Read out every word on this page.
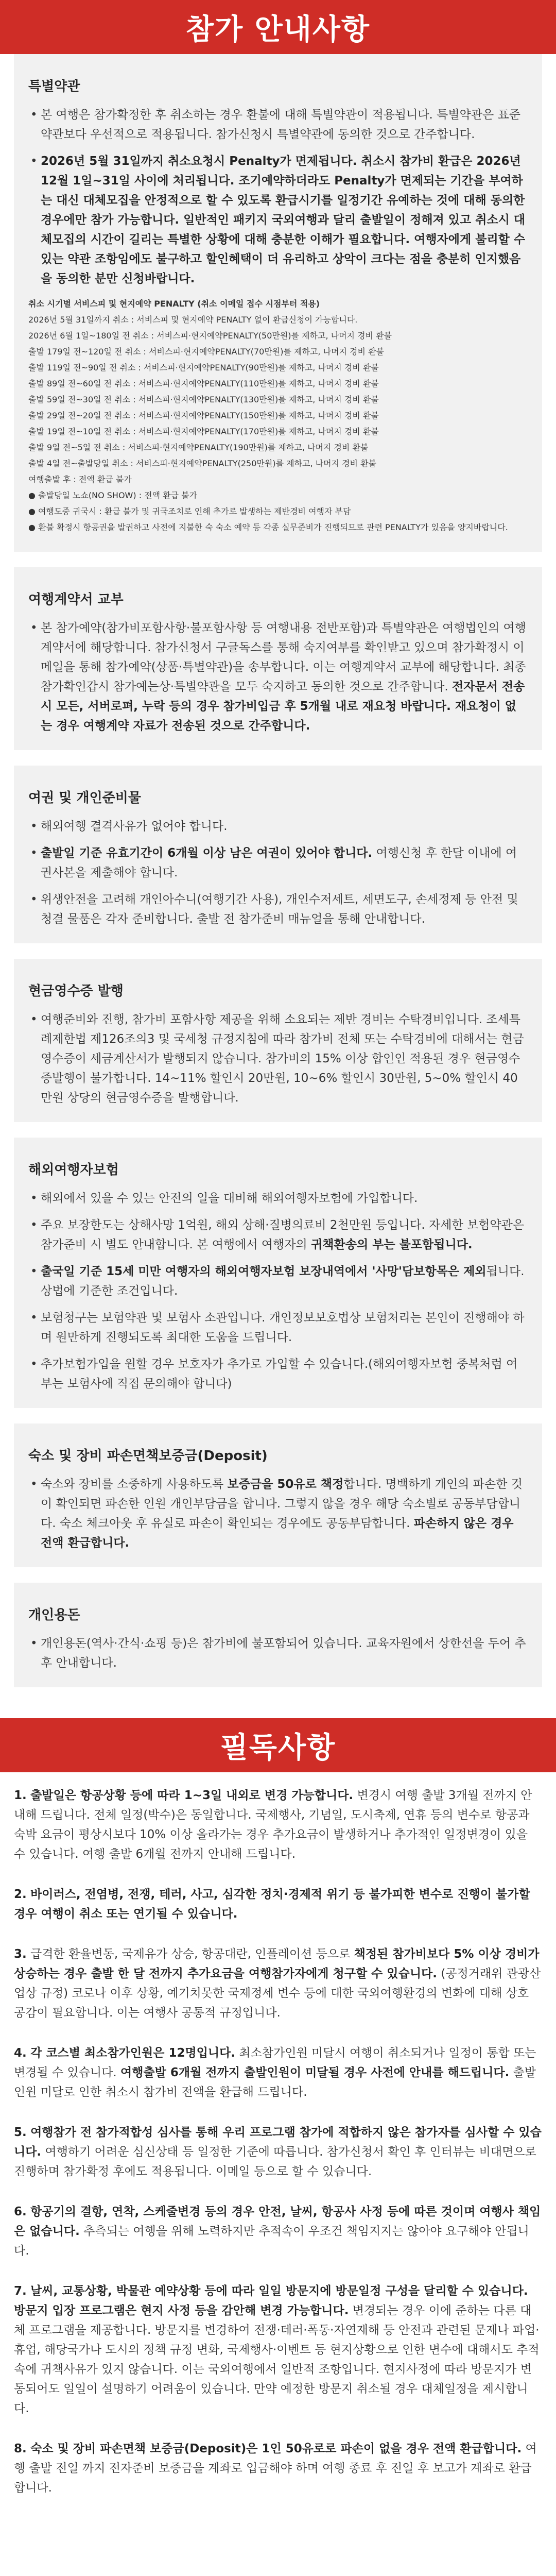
참가 안내사항
특별약관
• 본 여행은 참가확정한 후 취소하는 경우 환불에 대해 특별약관이 적용됩니다. 특별약관은 표준약관보다 우선적으로 적용됩니다. 참가신청시 특별약관에 동의한 것으로 간주합니다.
• 2026년 5월 31일까지 취소요청시 Penalty가 면제됩니다. 취소시 참가비 환급은 2026년 12월 1일~31일 사이에 처리됩니다. 조기예약하더라도 Penalty가 면제되는 기간을 부여하는 대신 대체모집을 안정적으로 할 수 있도록 환급시기를 일정기간 유예하는 것에 대해 동의한 경우에만 참가 가능합니다. 일반적인 패키지 국외여행과 달리 출발일이 정해져 있고 취소시 대체모집의 시간이 길리는 특별한 상황에 대해 충분한 이해가 필요합니다. 여행자에게 불리할 수 있는 약관 조항임에도 불구하고 할인혜택이 더 유리하고 상악이 크다는 점을 충분히 인지했음을 동의한 분만 신청바랍니다.
취소 시기별 서비스피 및 현지예약 PENALTY (취소 이메일 접수 시점부터 적용)
2026년 5월 31일까지 취소 : 서비스피 및 현지예약 PENALTY 없이 환급신청이 가능합니다.
2026년 6월 1일~180일 전 취소 : 서비스피·현지예약PENALTY(50만원)를 제하고, 나머지 경비 환불
출발 179일 전~120일 전 취소 : 서비스피·현지예약PENALTY(70만원)를 제하고, 나머지 경비 환불
출발 119일 전~90일 전 취소 : 서비스피·현지예약PENALTY(90만원)를 제하고, 나머지 경비 환불
출발 89일 전~60일 전 취소 : 서비스피·현지예약PENALTY(110만원)를 제하고, 나머지 경비 환불
출발 59일 전~30일 전 취소 : 서비스피·현지예약PENALTY(130만원)를 제하고, 나머지 경비 환불
출발 29일 전~20일 전 취소 : 서비스피·현지예약PENALTY(150만원)를 제하고, 나머지 경비 환불
출발 19일 전~10일 전 취소 : 서비스피·현지예약PENALTY(170만원)를 제하고, 나머지 경비 환불
출발 9일 전~5일 전 취소 : 서비스피·현지예약PENALTY(190만원)를 제하고, 나머지 경비 환불
출발 4일 전~출발당일 취소 : 서비스피·현지예약PENALTY(250만원)를 제하고, 나머지 경비 환불
여행출발 후 : 전액 환급 불가
● 출발당일 노쇼(NO SHOW) : 전액 환급 불가
● 여행도중 귀국시 : 환급 불가 및 귀국조치로 인해 추가로 발생하는 제반경비 여행자 부담
● 환불 확정시 항공권을 발권하고 사전에 지불한 숙 숙소 예약 등 각종 실무준비가 진행되므로 관련 PENALTY가 있음을 양지바랍니다.
여행계약서 교부
• 본 참가예약(참가비포함사항·불포함사항 등 여행내용 전반포함)과 특별약관은 여행법인의 여행계약서에 해당합니다. 참가신청서 구글독스를 통해 숙지여부를 확인받고 있으며 참가확정시 이메일을 통해 참가예약(상품·특별약관)을 송부합니다. 이는 여행계약서 교부에 해당합니다. 최종 참가확인갑시 참가예는상·특별약관을 모두 숙지하고 동의한 것으로 간주합니다. 전자문서 전송시 모든, 서버로펴, 누락 등의 경우 참가비입금 후 5개월 내로 재요청 바랍니다. 재요청이 없는 경우 여행계약 자료가 전송된 것으로 간주합니다.
여권 및 개인준비물
• 해외여행 결격사유가 없어야 합니다.
• 출발일 기준 유효기간이 6개월 이상 남은 여권이 있어야 합니다. 여행신청 후 한달 이내에 여권사본을 제출해야 합니다.
• 위생안전을 고려해 개인아수니(여행기간 사용), 개인수저세트, 세면도구, 손세정제 등 안전 및 청결 물품은 각자 준비합니다. 출발 전 참가준비 매뉴얼을 통해 안내합니다.
현금영수증 발행
• 여행준비와 진행, 참가비 포함사항 제공을 위해 소요되는 제반 경비는 수탁경비입니다. 조세특례제한법 제126조의3 및 국세청 규정지침에 따라 참가비 전체 또는 수탁경비에 대해서는 현금영수증이 세금계산서가 발행되지 않습니다. 참가비의 15% 이상 합인인 적용된 경우 현금영수증발행이 불가합니다. 14~11% 할인시 20만원, 10~6% 할인시 30만원, 5~0% 할인시 40만원 상당의 현금영수증을 발행합니다.
해외여행자보험
• 해외에서 있을 수 있는 안전의 일을 대비해 해외여행자보험에 가입합니다.
• 주요 보장한도는 상해사망 1억원, 해외 상해·질병의료비 2천만원 등입니다. 자세한 보험약관은 참가준비 시 별도 안내합니다. 본 여행에서 여행자의 귀책환송의 부는 불포함됩니다.
• 출국일 기준 15세 미만 여행자의 해외여행자보험 보장내역에서 '사망'담보항목은 제외됩니다. 상법에 기준한 조건입니다.
• 보험청구는 보험약관 및 보험사 소관입니다. 개인정보보호법상 보험처리는 본인이 진행해야 하며 원만하게 진행되도록 최대한 도움을 드립니다.
• 추가보험가입을 원할 경우 보호자가 추가로 가입할 수 있습니다.(해외여행자보험 중복처럼 여부는 보험사에 직접 문의해야 합니다)
숙소 및 장비 파손면책보증금(Deposit)
• 숙소와 장비를 소중하게 사용하도록 보증금을 50유로 책정합니다. 명백하게 개인의 파손한 것이 확인되면 파손한 인원 개인부담금을 합니다. 그렇지 않을 경우 해당 숙소별로 공동부담합니다. 숙소 체크아웃 후 유실로 파손이 확인되는 경우에도 공동부담합니다. 파손하지 않은 경우 전액 환급합니다.
개인용돈
• 개인용돈(역사·간식·쇼핑 등)은 참가비에 불포함되어 있습니다. 교육자원에서 상한선을 두어 추후 안내합니다.
필독사항
1. 출발일은 항공상황 등에 따라 1~3일 내외로 변경 가능합니다. 변경시 여행 출발 3개월 전까지 안내해 드립니다. 전체 일정(박수)은 동일합니다. 국제행사, 기념일, 도시축제, 연휴 등의 변수로 항공과 숙박 요금이 평상시보다 10% 이상 올라가는 경우 추가요금이 발생하거나 추가적인 일정변경이 있을 수 있습니다. 여행 출발 6개월 전까지 안내해 드립니다.
2. 바이러스, 전염병, 전쟁, 테러, 사고, 심각한 정치·경제적 위기 등 불가피한 변수로 진행이 불가할 경우 여행이 취소 또는 연기될 수 있습니다.
3. 급격한 환율변동, 국제유가 상승, 항공대란, 인플레이션 등으로 책정된 참가비보다 5% 이상 경비가 상승하는 경우 출발 한 달 전까지 추가요금을 여행참가자에게 청구할 수 있습니다. (공정거래위 관광산업상 규정) 코로나 이후 상황, 예기치못한 국제정세 변수 등에 대한 국외여행환경의 변화에 대해 상호 공감이 필요합니다. 이는 여행사 공통적 규정입니다.
4. 각 코스별 최소참가인원은 12명입니다. 최소참가인원 미달시 여행이 취소되거나 일정이 통합 또는 변경될 수 있습니다. 여행출발 6개월 전까지 출발인원이 미달될 경우 사전에 안내를 해드립니다. 출발인원 미달로 인한 취소시 참가비 전액을 환급해 드립니다.
5. 여행참가 전 참가적합성 심사를 통해 우리 프로그램 참가에 적합하지 않은 참가자를 심사할 수 있습니다. 여행하기 어려운 심신상태 등 일정한 기준에 따릅니다. 참가신청서 확인 후 인터뷰는 비대면으로 진행하며 참가확정 후에도 적용됩니다. 이메일 등으로 할 수 있습니다.
6. 항공기의 결항, 연착, 스케줄변경 등의 경우 안전, 날씨, 항공사 사정 등에 따른 것이며 여행사 책임은 없습니다. 추측되는 여행을 위해 노력하지만 추적속이 우조건 책임지지는 않아야 요구해야 안됩니다.
7. 날씨, 교통상황, 박물관 예약상황 등에 따라 일일 방문지에 방문일정 구성을 달리할 수 있습니다. 방문지 입장 프로그램은 현지 사정 등을 감안해 변경 가능합니다. 변경되는 경우 이에 준하는 다른 대체 프로그램을 제공합니다. 방문지를 변경하여 전쟁·테러·폭동·자연재해 등 안전과 관련된 문제나 파업·휴업, 해당국가나 도시의 정책 규정 변화, 국제행사·이벤트 등 현지상황으로 인한 변수에 대해서도 추적속에 귀책사유가 있지 않습니다. 이는 국외여행에서 일반적 조항입니다. 현지사정에 따라 방문지가 변동되어도 일일이 설명하기 어려움이 있습니다. 만약 예정한 방문지 취소될 경우 대체일정을 제시합니다.
8. 숙소 및 장비 파손면책 보증금(Deposit)은 1인 50유로로 파손이 없을 경우 전액 환급합니다. 여행 출발 전일 까지 전자준비 보증금을 계좌로 입금해야 하며 여행 종료 후 전일 후 보고가 계좌로 환급합니다.
